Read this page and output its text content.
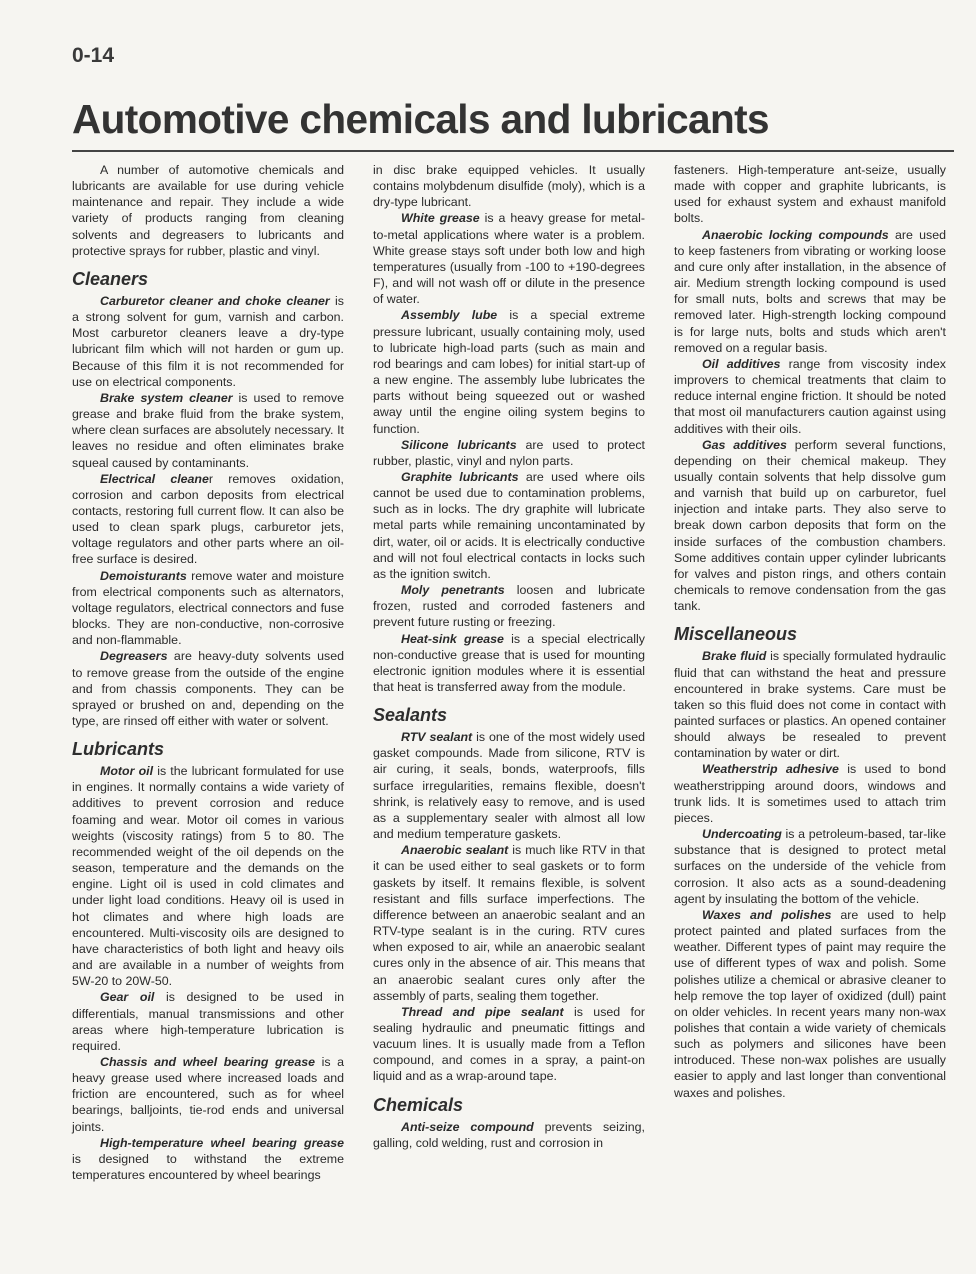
0-14
Automotive chemicals and lubricants

A number of automotive chemicals and lubricants are available for use during vehicle maintenance and repair. They include a wide variety of products ranging from cleaning solvents and degreasers to lubricants and protective sprays for rubber, plastic and vinyl.

Cleaners

Carburetor cleaner and choke cleaner is a strong solvent for gum, varnish and carbon. Most carburetor cleaners leave a dry-type lubricant film which will not harden or gum up. Because of this film it is not recommended for use on electrical components.

Brake system cleaner is used to remove grease and brake fluid from the brake system, where clean surfaces are absolutely necessary. It leaves no residue and often eliminates brake squeal caused by contaminants.

Electrical cleaner removes oxidation, corrosion and carbon deposits from electrical contacts, restoring full current flow. It can also be used to clean spark plugs, carburetor jets, voltage regulators and other parts where an oil-free surface is desired.

Demoisturants remove water and moisture from electrical components such as alternators, voltage regulators, electrical connectors and fuse blocks. They are non-conductive, non-corrosive and non-flammable.

Degreasers are heavy-duty solvents used to remove grease from the outside of the engine and from chassis components. They can be sprayed or brushed on and, depending on the type, are rinsed off either with water or solvent.

Lubricants

Motor oil is the lubricant formulated for use in engines. It normally contains a wide variety of additives to prevent corrosion and reduce foaming and wear. Motor oil comes in various weights (viscosity ratings) from 5 to 80. The recommended weight of the oil depends on the season, temperature and the demands on the engine. Light oil is used in cold climates and under light load conditions. Heavy oil is used in hot climates and where high loads are encountered. Multi-viscosity oils are designed to have characteristics of both light and heavy oils and are available in a number of weights from 5W-20 to 20W-50.

Gear oil is designed to be used in differentials, manual transmissions and other areas where high-temperature lubrication is required.

Chassis and wheel bearing grease is a heavy grease used where increased loads and friction are encountered, such as for wheel bearings, balljoints, tie-rod ends and universal joints.

High-temperature wheel bearing grease is designed to withstand the extreme temperatures encountered by wheel bearings

in disc brake equipped vehicles. It usually contains molybdenum disulfide (moly), which is a dry-type lubricant.

White grease is a heavy grease for metal-to-metal applications where water is a problem. White grease stays soft under both low and high temperatures (usually from -100 to +190-degrees F), and will not wash off or dilute in the presence of water.

Assembly lube is a special extreme pressure lubricant, usually containing moly, used to lubricate high-load parts (such as main and rod bearings and cam lobes) for initial start-up of a new engine. The assembly lube lubricates the parts without being squeezed out or washed away until the engine oiling system begins to function.

Silicone lubricants are used to protect rubber, plastic, vinyl and nylon parts.

Graphite lubricants are used where oils cannot be used due to contamination problems, such as in locks. The dry graphite will lubricate metal parts while remaining uncontaminated by dirt, water, oil or acids. It is electrically conductive and will not foul electrical contacts in locks such as the ignition switch.

Moly penetrants loosen and lubricate frozen, rusted and corroded fasteners and prevent future rusting or freezing.

Heat-sink grease is a special electrically non-conductive grease that is used for mounting electronic ignition modules where it is essential that heat is transferred away from the module.

Sealants

RTV sealant is one of the most widely used gasket compounds. Made from silicone, RTV is air curing, it seals, bonds, waterproofs, fills surface irregularities, remains flexible, doesn't shrink, is relatively easy to remove, and is used as a supplementary sealer with almost all low and medium temperature gaskets.

Anaerobic sealant is much like RTV in that it can be used either to seal gaskets or to form gaskets by itself. It remains flexible, is solvent resistant and fills surface imperfections. The difference between an anaerobic sealant and an RTV-type sealant is in the curing. RTV cures when exposed to air, while an anaerobic sealant cures only in the absence of air. This means that an anaerobic sealant cures only after the assembly of parts, sealing them together.

Thread and pipe sealant is used for sealing hydraulic and pneumatic fittings and vacuum lines. It is usually made from a Teflon compound, and comes in a spray, a paint-on liquid and as a wrap-around tape.

Chemicals

Anti-seize compound prevents seizing, galling, cold welding, rust and corrosion in

fasteners. High-temperature ant-seize, usually made with copper and graphite lubricants, is used for exhaust system and exhaust manifold bolts.

Anaerobic locking compounds are used to keep fasteners from vibrating or working loose and cure only after installation, in the absence of air. Medium strength locking compound is used for small nuts, bolts and screws that may be removed later. High-strength locking compound is for large nuts, bolts and studs which aren't removed on a regular basis.

Oil additives range from viscosity index improvers to chemical treatments that claim to reduce internal engine friction. It should be noted that most oil manufacturers caution against using additives with their oils.

Gas additives perform several functions, depending on their chemical makeup. They usually contain solvents that help dissolve gum and varnish that build up on carburetor, fuel injection and intake parts. They also serve to break down carbon deposits that form on the inside surfaces of the combustion chambers. Some additives contain upper cylinder lubricants for valves and piston rings, and others contain chemicals to remove condensation from the gas tank.

Miscellaneous

Brake fluid is specially formulated hydraulic fluid that can withstand the heat and pressure encountered in brake systems. Care must be taken so this fluid does not come in contact with painted surfaces or plastics. An opened container should always be resealed to prevent contamination by water or dirt.

Weatherstrip adhesive is used to bond weatherstripping around doors, windows and trunk lids. It is sometimes used to attach trim pieces.

Undercoating is a petroleum-based, tar-like substance that is designed to protect metal surfaces on the underside of the vehicle from corrosion. It also acts as a sound-deadening agent by insulating the bottom of the vehicle.

Waxes and polishes are used to help protect painted and plated surfaces from the weather. Different types of paint may require the use of different types of wax and polish. Some polishes utilize a chemical or abrasive cleaner to help remove the top layer of oxidized (dull) paint on older vehicles. In recent years many non-wax polishes that contain a wide variety of chemicals such as polymers and silicones have been introduced. These non-wax polishes are usually easier to apply and last longer than conventional waxes and polishes.
